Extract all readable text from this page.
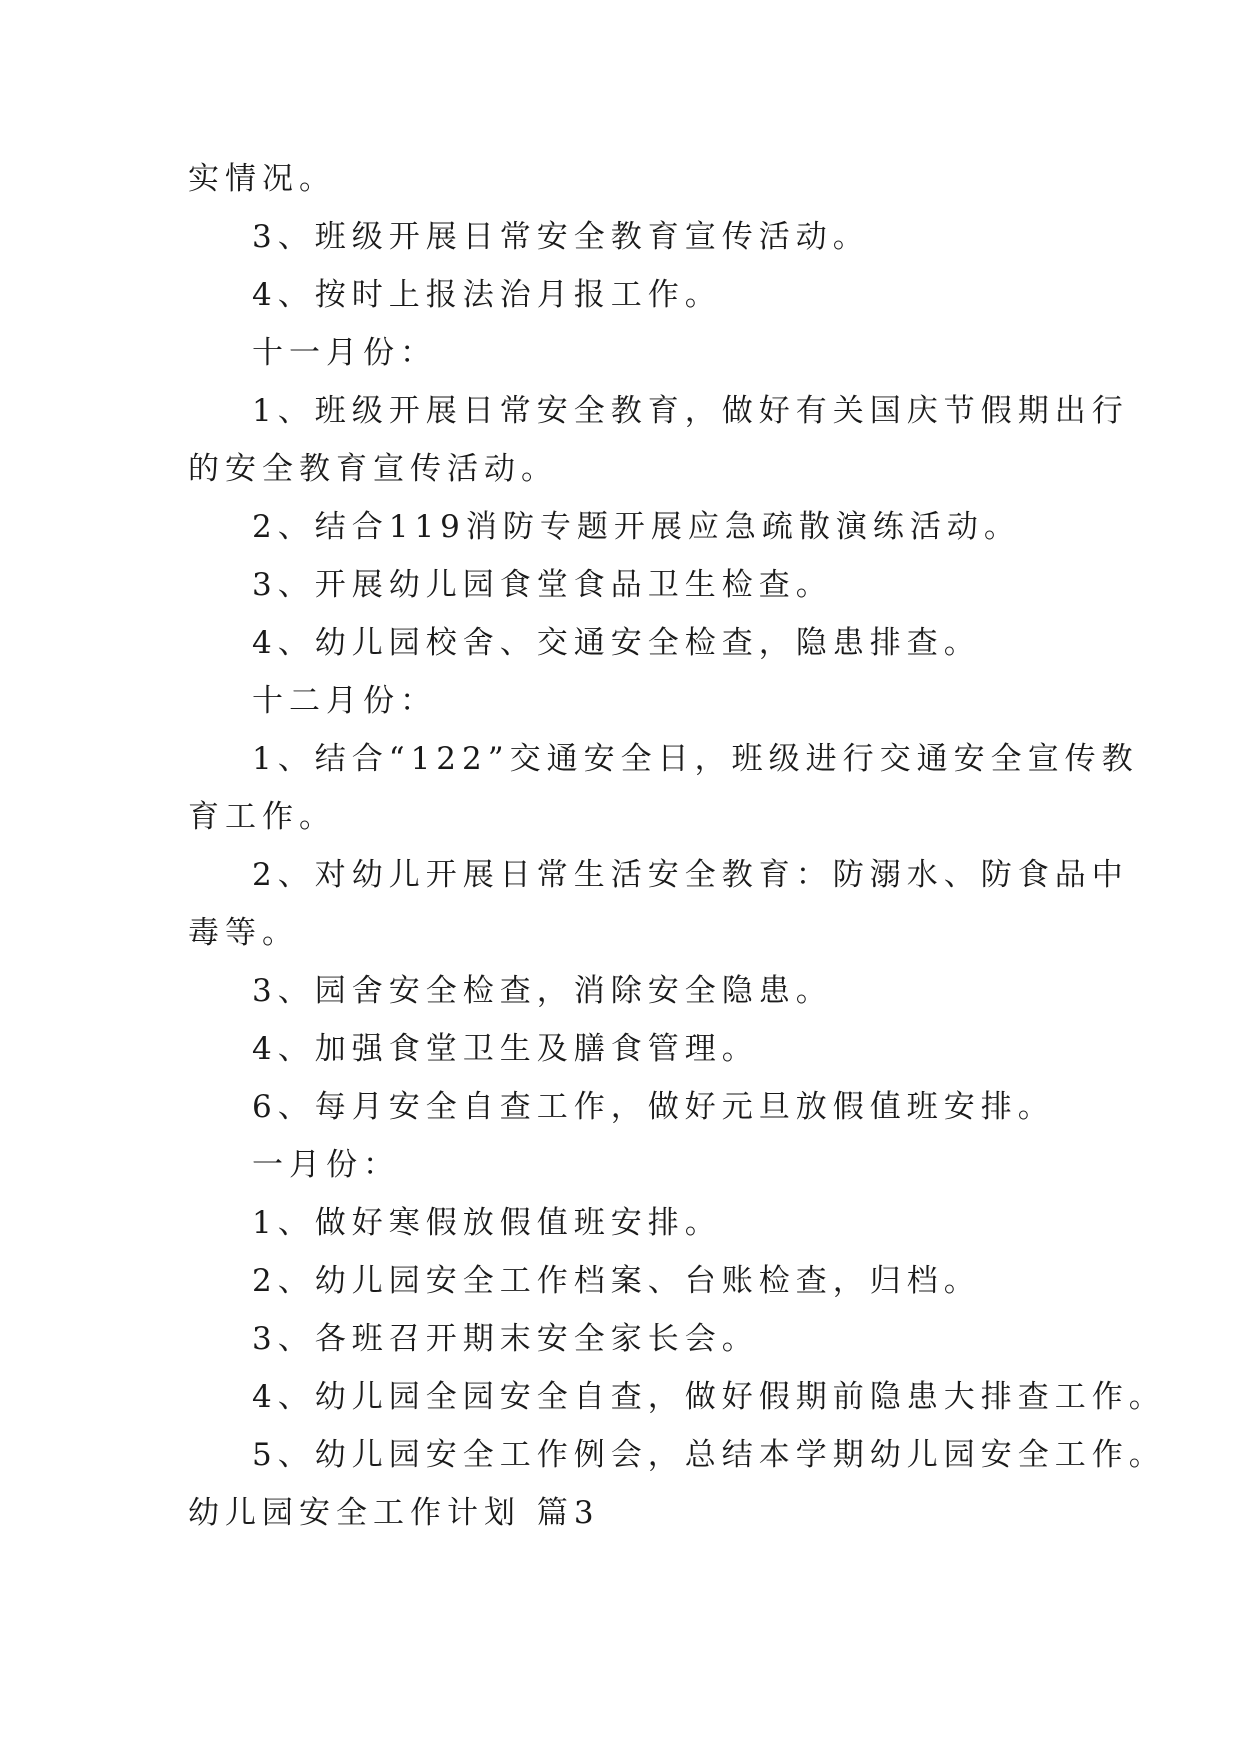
实情况。
3、班级开展日常安全教育宣传活动。
4、按时上报法治月报工作。
十一月份：
1、班级开展日常安全教育，做好有关国庆节假期出行
的安全教育宣传活动。
2、结合119消防专题开展应急疏散演练活动。
3、开展幼儿园食堂食品卫生检查。
4、幼儿园校舍、交通安全检查，隐患排查。
十二月份：
1、结合“122”交通安全日，班级进行交通安全宣传教
育工作。
2、对幼儿开展日常生活安全教育：防溺水、防食品中
毒等。
3、园舍安全检查，消除安全隐患。
4、加强食堂卫生及膳食管理。
6、每月安全自查工作，做好元旦放假值班安排。
一月份：
1、做好寒假放假值班安排。
2、幼儿园安全工作档案、台账检查，归档。
3、各班召开期末安全家长会。
4、幼儿园全园安全自查，做好假期前隐患大排查工作。
5、幼儿园安全工作例会，总结本学期幼儿园安全工作。
幼儿园安全工作计划 篇3
